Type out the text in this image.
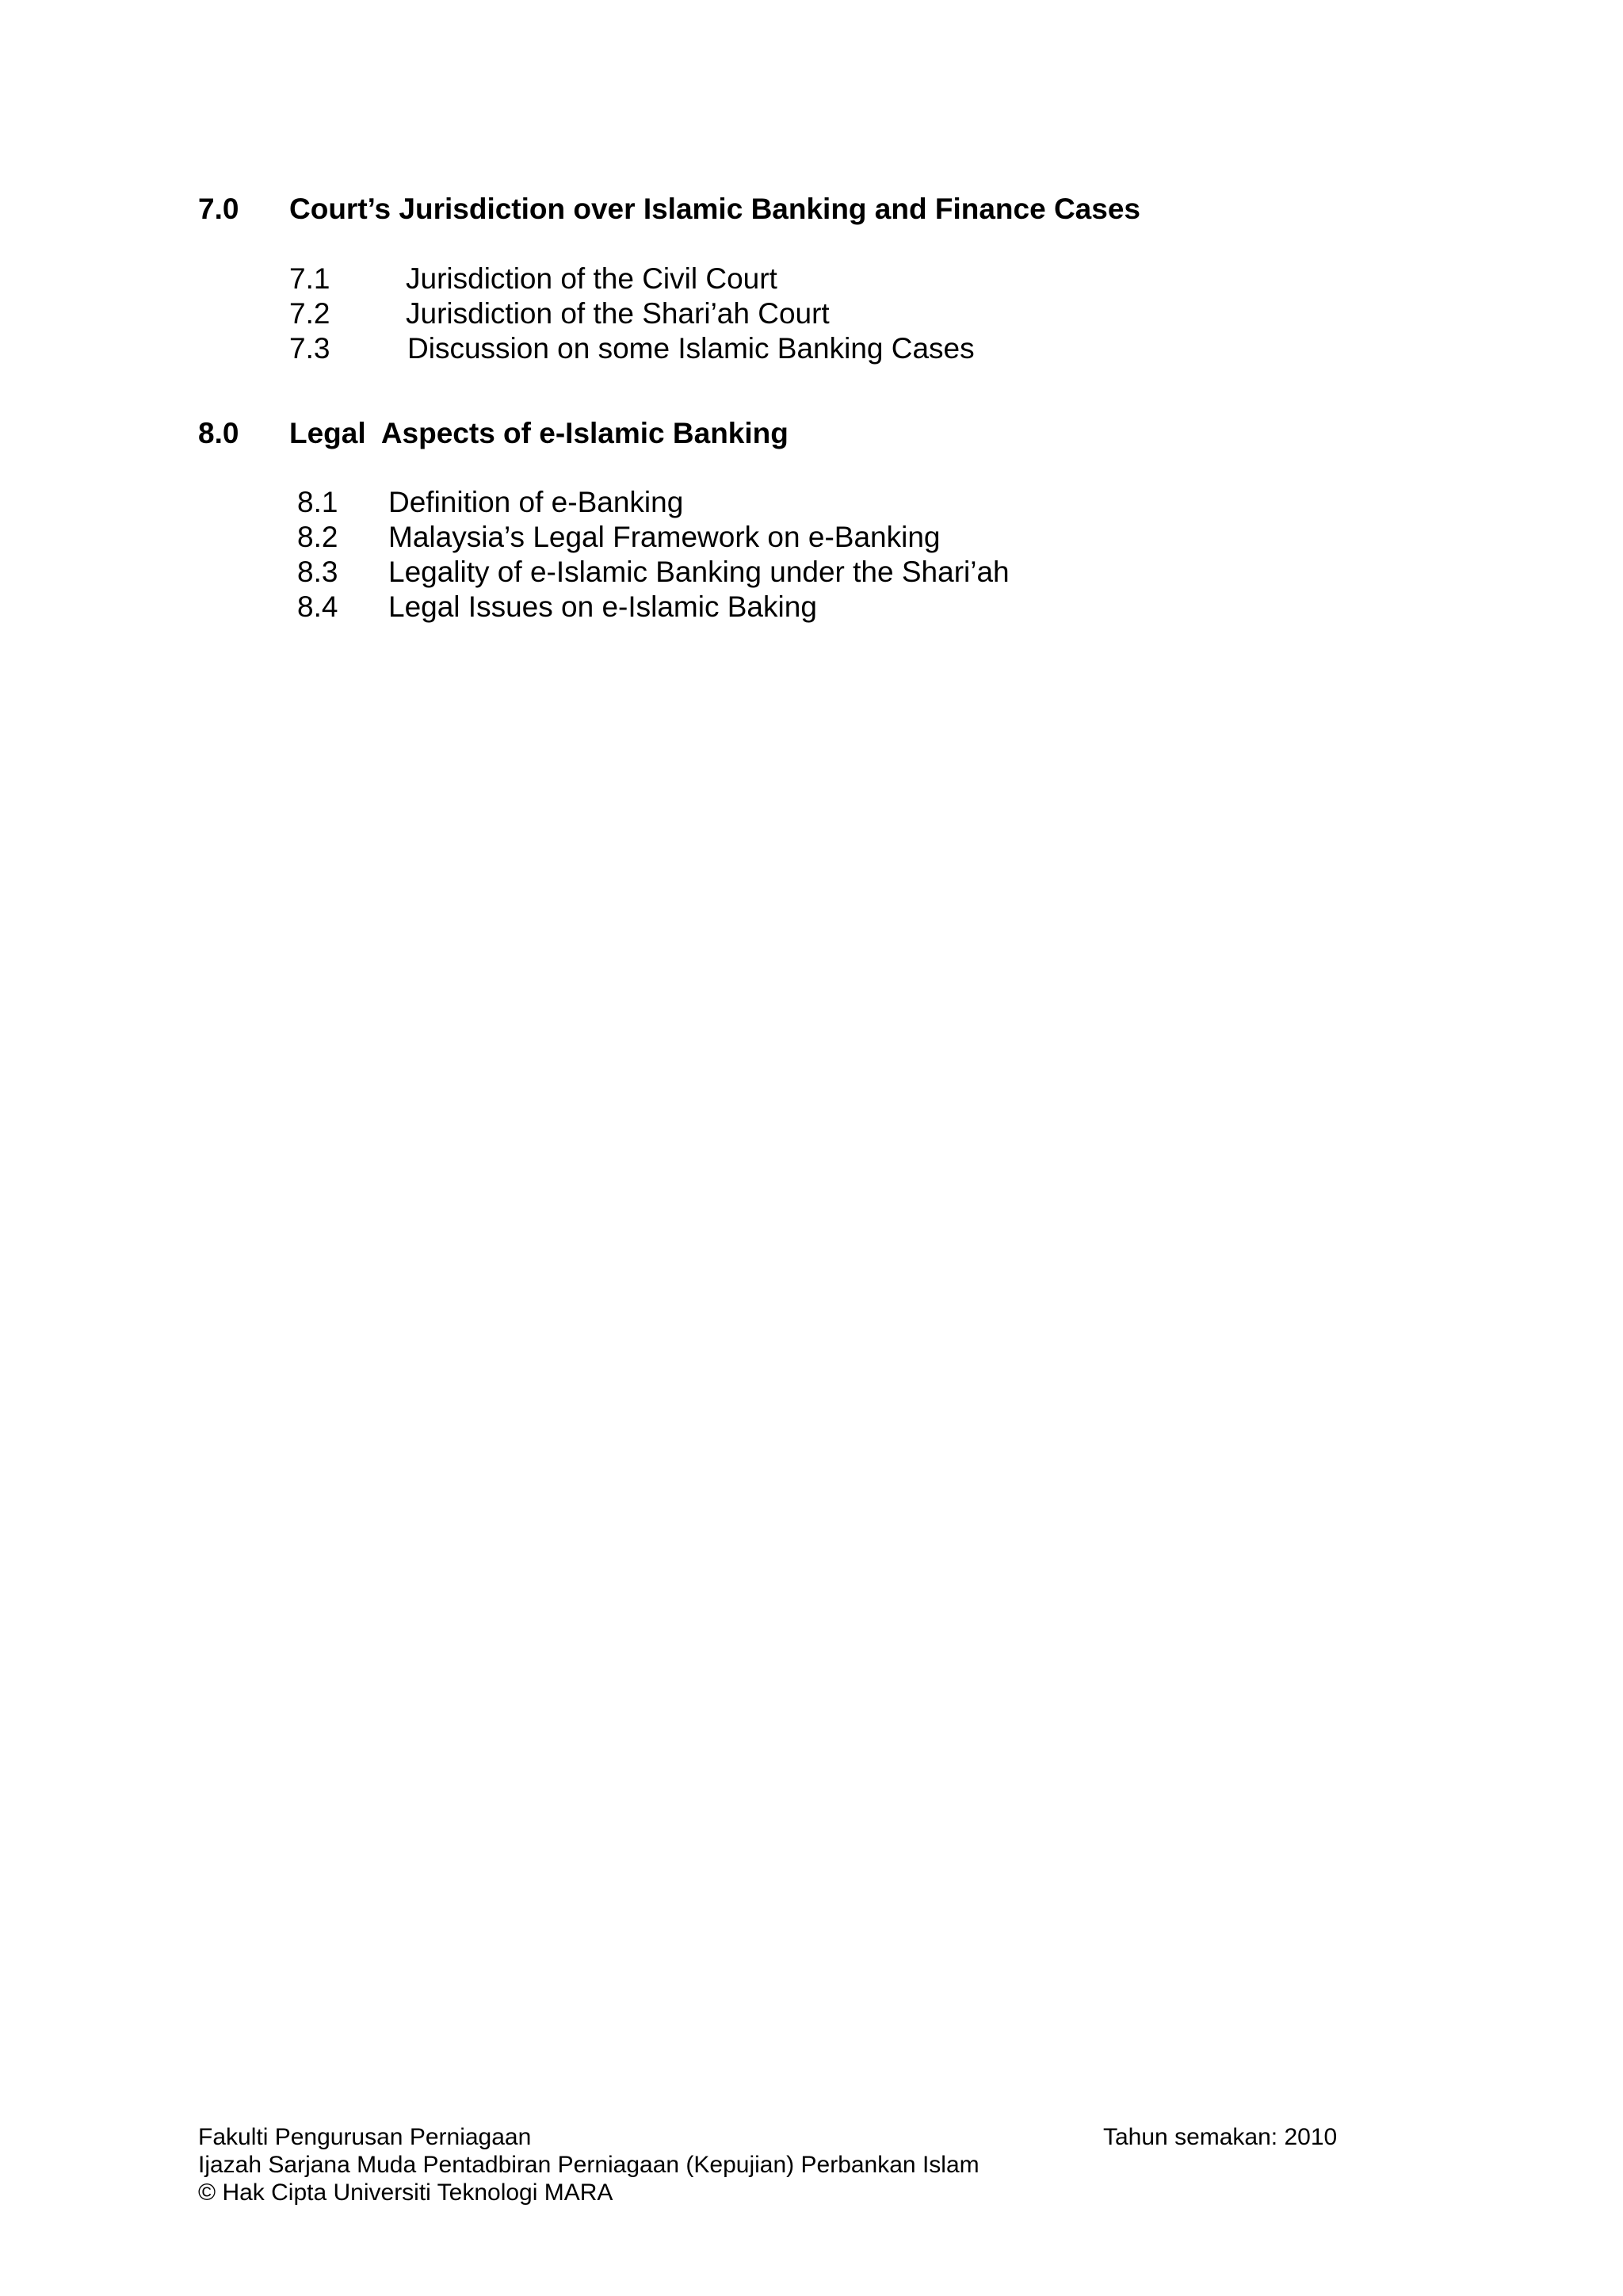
7.0 Court’s Jurisdiction over Islamic Banking and Finance Cases
7.1	Jurisdiction of the Civil Court
7.2	Jurisdiction of the Shari’ah Court
7.3	Discussion on some Islamic Banking Cases
8.0 Legal  Aspects of e-Islamic Banking
8.1 Definition of e-Banking
8.2 Malaysia’s Legal Framework on e-Banking
8.3 Legality of e-Islamic Banking under the Shari’ah
8.4 Legal Issues on e-Islamic Baking
Fakulti Pengurusan Perniagaan	Tahun semakan: 2010
Ijazah Sarjana Muda Pentadbiran Perniagaan (Kepujian) Perbankan Islam
© Hak Cipta Universiti Teknologi MARA
